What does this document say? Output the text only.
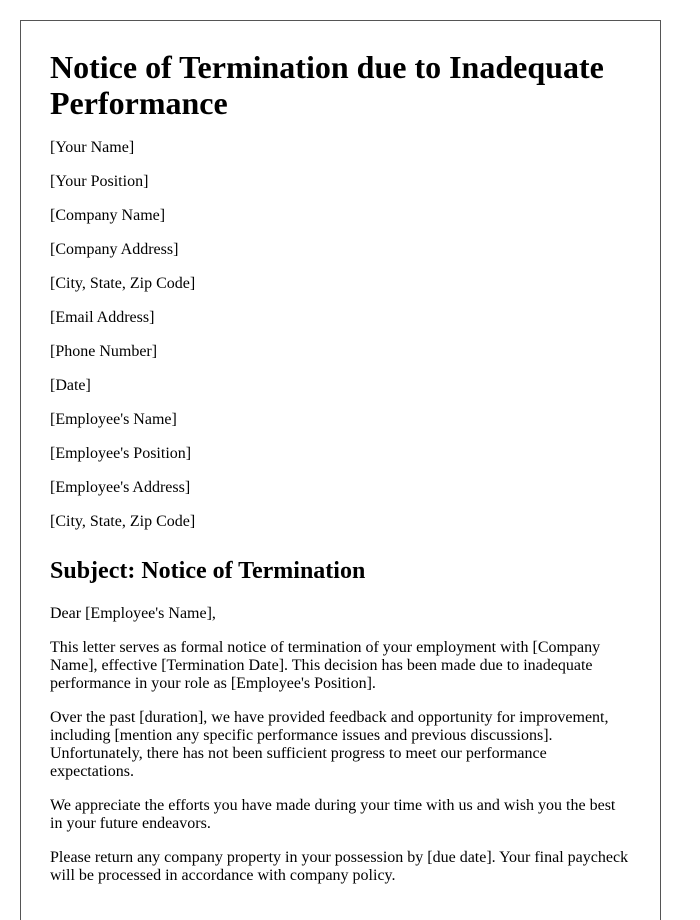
Notice of Termination due to Inadequate Performance

[Your Name]

[Your Position]

[Company Name]

[Company Address]

[City, State, Zip Code]

[Email Address]

[Phone Number]

[Date]

[Employee's Name]

[Employee's Position]

[Employee's Address]

[City, State, Zip Code]

Subject: Notice of Termination

Dear [Employee's Name],

This letter serves as formal notice of termination of your employment with [Company Name], effective [Termination Date]. This decision has been made due to inadequate performance in your role as [Employee's Position].

Over the past [duration], we have provided feedback and opportunity for improvement, including [mention any specific performance issues and previous discussions]. Unfortunately, there has not been sufficient progress to meet our performance expectations.

We appreciate the efforts you have made during your time with us and wish you the best in your future endeavors.

Please return any company property in your possession by [due date]. Your final paycheck will be processed in accordance with company policy.
